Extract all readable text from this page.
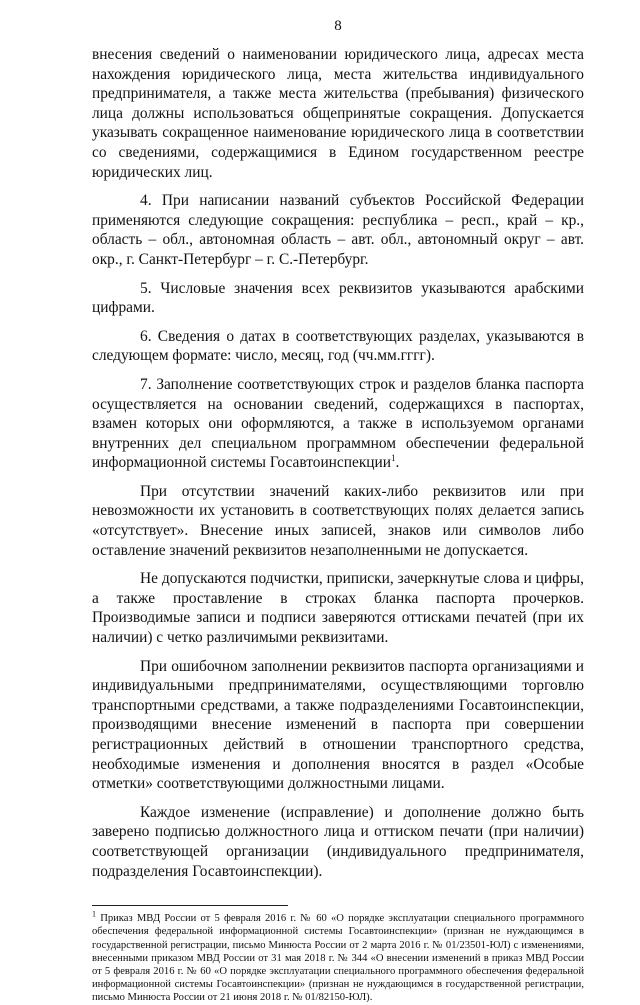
8

внесения сведений о наименовании юридического лица, адресах места нахождения юридического лица, места жительства индивидуального предпринимателя, а также места жительства (пребывания) физического лица должны использоваться общепринятые сокращения. Допускается указывать сокращенное наименование юридического лица в соответствии со сведениями, содержащимися в Едином государственном реестре юридических лиц.

4. При написании названий субъектов Российской Федерации применяются следующие сокращения: республика – респ., край – кр., область – обл., автономная область – авт. обл., автономный округ – авт. окр., г. Санкт-Петербург – г. С.-Петербург.

5. Числовые значения всех реквизитов указываются арабскими цифрами.

6. Сведения о датах в соответствующих разделах, указываются в следующем формате: число, месяц, год (чч.мм.гггг).

7. Заполнение соответствующих строк и разделов бланка паспорта осуществляется на основании сведений, содержащихся в паспортах, взамен которых они оформляются, а также в используемом органами внутренних дел специальном программном обеспечении федеральной информационной системы Госавтоинспекции$^1$.

При отсутствии значений каких-либо реквизитов или при невозможности их установить в соответствующих полях делается запись «отсутствует». Внесение иных записей, знаков или символов либо оставление значений реквизитов незаполненными не допускается.

Не допускаются подчистки, приписки, зачеркнутые слова и цифры, а также проставление в строках бланка паспорта прочерков. Производимые записи и подписи заверяются оттисками печатей (при их наличии) с четко различимыми реквизитами.

При ошибочном заполнении реквизитов паспорта организациями и индивидуальными предпринимателями, осуществляющими торговлю транспортными средствами, а также подразделениями Госавтоинспекции, производящими внесение изменений в паспорта при совершении регистрационных действий в отношении транспортного средства, необходимые изменения и дополнения вносятся в раздел «Особые отметки» соответствующими должностными лицами.

Каждое изменение (исправление) и дополнение должно быть заверено подписью должностного лица и оттиском печати (при наличии) соответствующей организации (индивидуального предпринимателя, подразделения Госавтоинспекции).

$^1$ Приказ МВД России от 5 февраля 2016 г. № 60 «О порядке эксплуатации специального программного обеспечения федеральной информационной системы Госавтоинспекции» (признан не нуждающимся в государственной регистрации, письмо Минюста России от 2 марта 2016 г. № 01/23501-ЮЛ) с изменениями, внесенными приказом МВД России от 31 мая 2018 г. № 344 «О внесении изменений в приказ МВД России от 5 февраля 2016 г. № 60 «О порядке эксплуатации специального программного обеспечения федеральной информационной системы Госавтоинспекции» (признан не нуждающимся в государственной регистрации, письмо Минюста России от 21 июня 2018 г. № 01/82150-ЮЛ).
